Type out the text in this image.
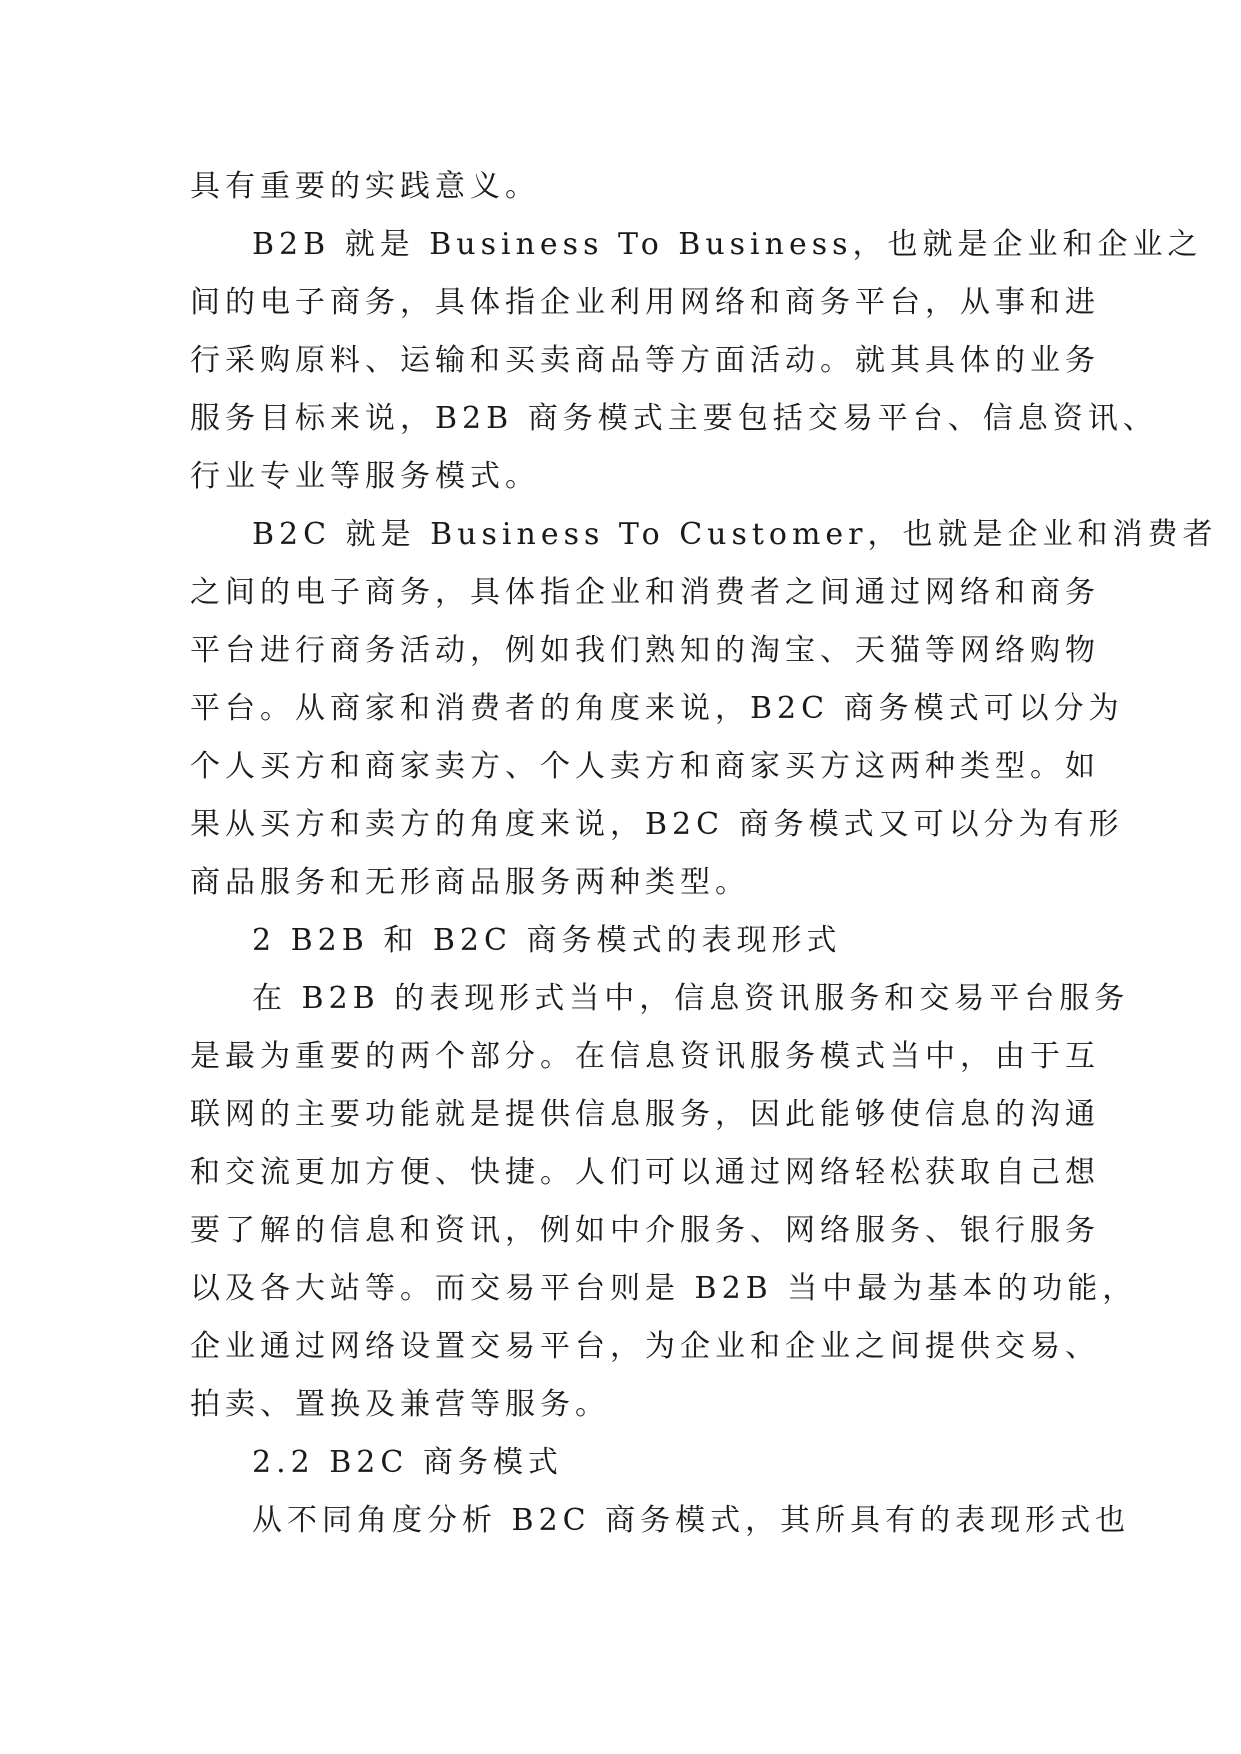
具有重要的实践意义。
B2B 就是 Business To Business，也就是企业和企业之
间的电子商务，具体指企业利用网络和商务平台，从事和进
行采购原料、运输和买卖商品等方面活动。就其具体的业务
服务目标来说，B2B 商务模式主要包括交易平台、信息资讯、
行业专业等服务模式。
B2C 就是 Business To Customer，也就是企业和消费者
之间的电子商务，具体指企业和消费者之间通过网络和商务
平台进行商务活动，例如我们熟知的淘宝、天猫等网络购物
平台。从商家和消费者的角度来说，B2C 商务模式可以分为
个人买方和商家卖方、个人卖方和商家买方这两种类型。如
果从买方和卖方的角度来说，B2C 商务模式又可以分为有形
商品服务和无形商品服务两种类型。
2 B2B 和 B2C 商务模式的表现形式
在 B2B 的表现形式当中，信息资讯服务和交易平台服务
是最为重要的两个部分。在信息资讯服务模式当中，由于互
联网的主要功能就是提供信息服务，因此能够使信息的沟通
和交流更加方便、快捷。人们可以通过网络轻松获取自己想
要了解的信息和资讯，例如中介服务、网络服务、银行服务
以及各大站等。而交易平台则是 B2B 当中最为基本的功能，
企业通过网络设置交易平台，为企业和企业之间提供交易、
拍卖、置换及兼营等服务。
2.2 B2C 商务模式
从不同角度分析 B2C 商务模式，其所具有的表现形式也
